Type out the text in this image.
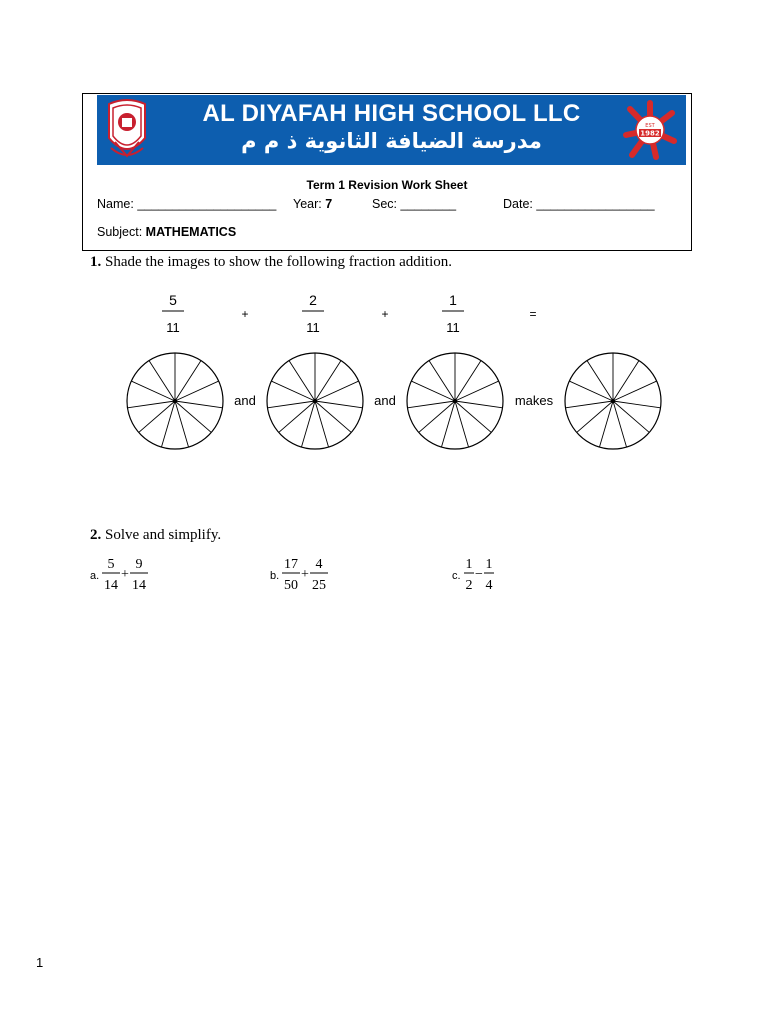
AL DIYAFAH HIGH SCHOOL LLC
مدرسة الضيافة الثانوية ذ م م
EST
1982
Term 1 Revision Work Sheet
Name: ____________________ Year: 7	Sec: ________	Date: _________________
Subject: MATHEMATICS
1. Shade the images to show the following fraction addition.
5
11
2
11
1
11
+	+	=
and	and	makes
2. Solve and simplify.
a.
5
14
+
9
14
b.
17
50
+
4
25
c.
1
2
−
1
4
1
